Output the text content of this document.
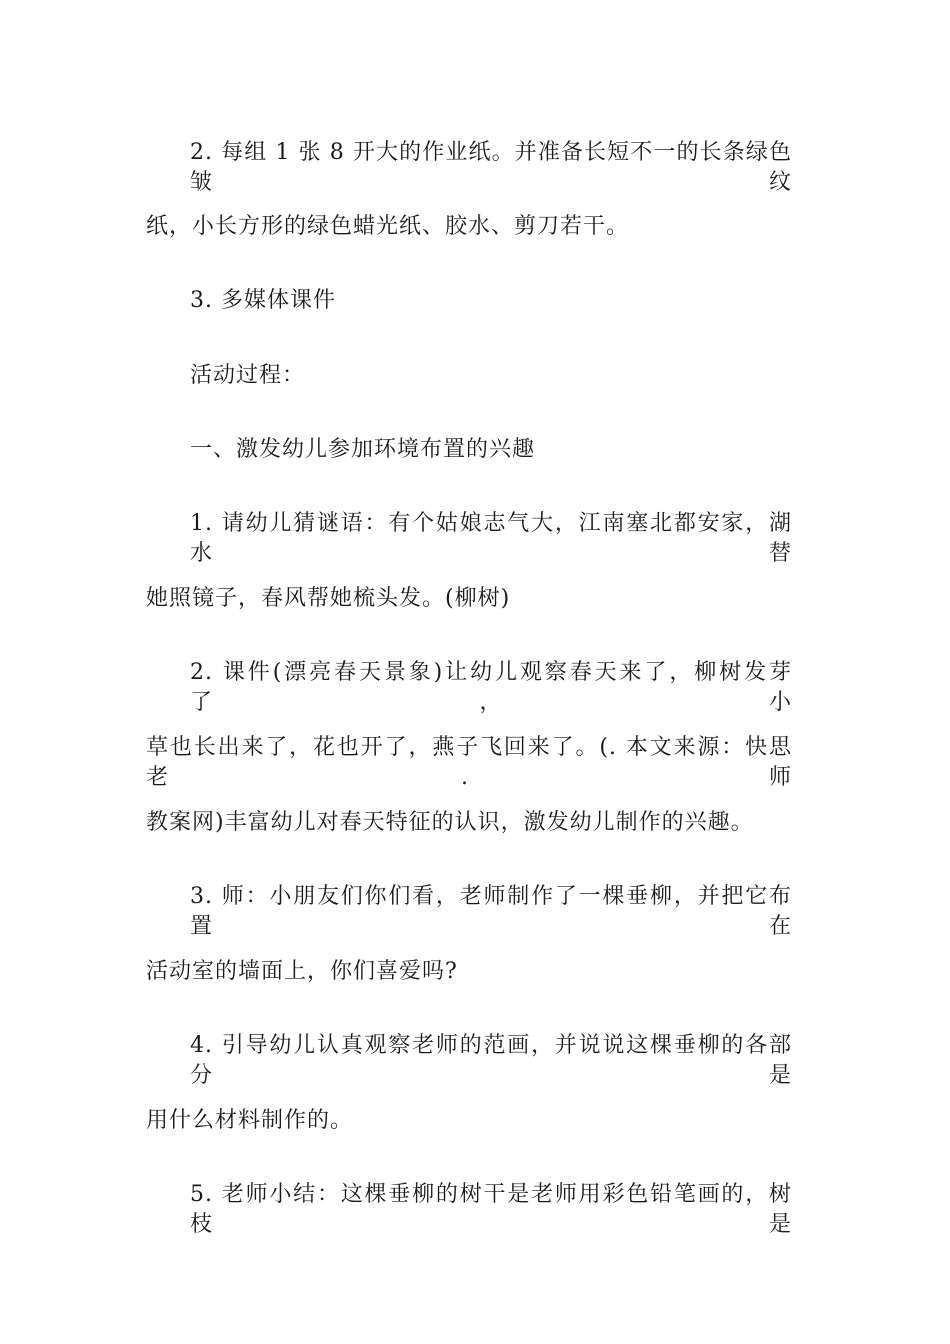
2. 每组 1 张 8 开大的作业纸。并准备长短不一的长条绿色皱纹
纸，小长方形的绿色蜡光纸、胶水、剪刀若干。
3. 多媒体课件
活动过程：
一、激发幼儿参加环境布置的兴趣
1. 请幼儿猜谜语：有个姑娘志气大，江南塞北都安家，湖水替
她照镜子，春风帮她梳头发。(柳树)
2. 课件(漂亮春天景象)让幼儿观察春天来了，柳树发芽了，小
草也长出来了，花也开了，燕子飞回来了。(. 本文来源：快思老. 师
教案网)丰富幼儿对春天特征的认识，激发幼儿制作的兴趣。
3. 师：小朋友们你们看，老师制作了一棵垂柳，并把它布置在
活动室的墙面上，你们喜爱吗?
4. 引导幼儿认真观察老师的范画，并说说这棵垂柳的各部分是
用什么材料制作的。
5. 老师小结：这棵垂柳的树干是老师用彩色铅笔画的，树枝是
